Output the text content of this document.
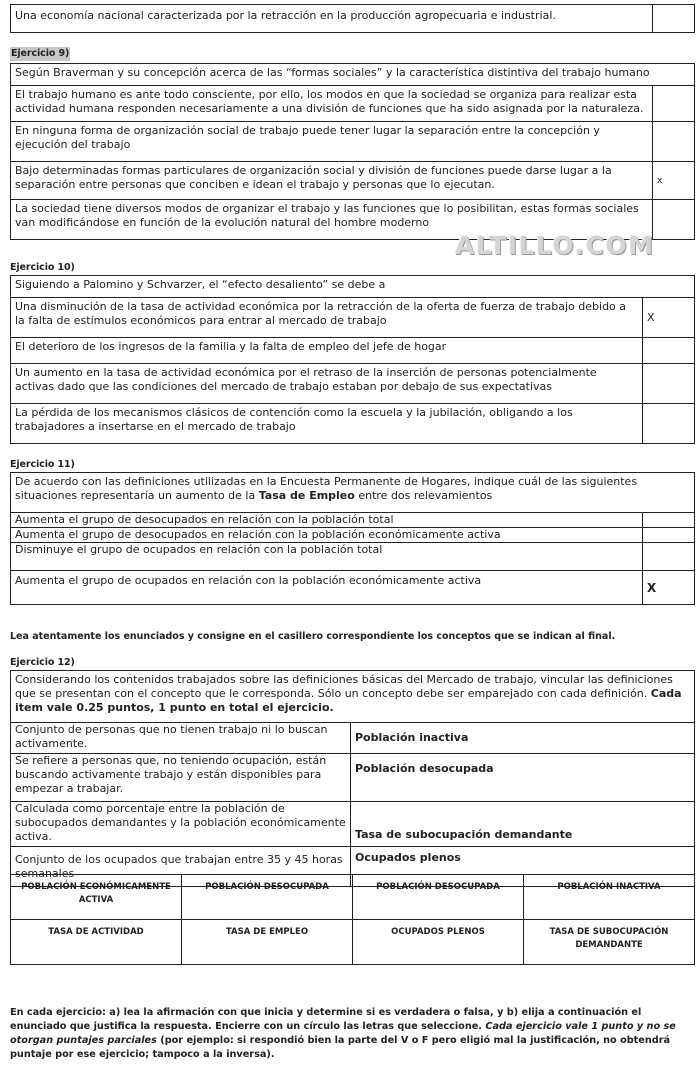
Una economía nacional caracterizada por la retracción en la producción agropecuaria e industrial.	
Ejercicio 9)
Según Braverman y su concepción acerca de las “formas sociales” y la característica distintiva del trabajo humano	
El trabajo humano es ante todo consciente, por ello, los modos en que la sociedad se organiza para realizar esta actividad humana responden necesariamente a una división de funciones que ha sido asignada por la naturaleza.	
En ninguna forma de organización social de trabajo puede tener lugar la separación entre la concepción y ejecución del trabajo	
Bajo determinadas formas particulares de organización social y división de funciones puede darse lugar a la separación entre personas que conciben e idean el trabajo y personas que lo ejecutan.	x
La sociedad tiene diversos modos de organizar el trabajo y las funciones que lo posibilitan, estas formas sociales van modificándose en función de la evolución natural del hombre moderno	
ALTILLO.COM
Ejercicio 10)
Siguiendo a Palomino y Schvarzer, el “efecto desaliento” se debe a	
Una disminución de la tasa de actividad económica por la retracción de la oferta de fuerza de trabajo debido a la falta de estímulos económicos para entrar al mercado de trabajo	X
El deterioro de los ingresos de la familia y la falta de empleo del jefe de hogar	
Un aumento en la tasa de actividad económica por el retraso de la inserción de personas potencialmente activas dado que las condiciones del mercado de trabajo estaban por debajo de sus expectativas	
La pérdida de los mecanismos clásicos de contención como la escuela y la jubilación, obligando a los trabajadores a insertarse en el mercado de trabajo	
Ejercicio 11)
De acuerdo con las definiciones utilizadas en la Encuesta Permanente de Hogares, indique cuál de las siguientes situaciones representaría un aumento de la Tasa de Empleo entre dos relevamientos	
Aumenta el grupo de desocupados en relación con la población total	
Aumenta el grupo de desocupados en relación con la población económicamente activa	
Disminuye el grupo de ocupados en relación con la población total	
Aumenta el grupo de ocupados en relación con la población económicamente activa	X
Lea atentamente los enunciados y consigne en el casillero correspondiente los conceptos que se indican al final.
Ejercicio 12)
Considerando los contenidos trabajados sobre las definiciones básicas del Mercado de trabajo, vincular las definiciones que se presentan con el concepto que le corresponda. Sólo un concepto debe ser emparejado con cada definición. Cada item vale 0.25 puntos, 1 punto en total el ejercicio.	
Conjunto de personas que no tienen trabajo ni lo buscan activamente.	Población inactiva
Se refiere a personas que, no teniendo ocupación, están buscando activamente trabajo y están disponibles para empezar a trabajar.	Población desocupada
Calculada como porcentaje entre la población de subocupados demandantes y la población económicamente activa.	Tasa de subocupación demandante
Conjunto de los ocupados que trabajan entre 35 y 45 horas semanales	Ocupados plenos
POBLACIÓN ECONÓMICAMENTE ACTIVA	POBLACIÓN DESOCUPADA	POBLACIÓN DESOCUPADA	POBLACIÓN INACTIVA
TASA DE ACTIVIDAD	TASA DE EMPLEO	OCUPADOS PLENOS	TASA DE SUBOCUPACIÓN DEMANDANTE
En cada ejercicio: a) lea la afirmación con que inicia y determine si es verdadera o falsa, y b) elija a continuación el enunciado que justifica la respuesta. Encierre con un círculo las letras que seleccione. Cada ejercicio vale 1 punto y no se otorgan puntajes parciales (por ejemplo: si respondió bien la parte del V o F pero eligió mal la justificación, no obtendrá puntaje por ese ejercicio; tampoco a la inversa).
